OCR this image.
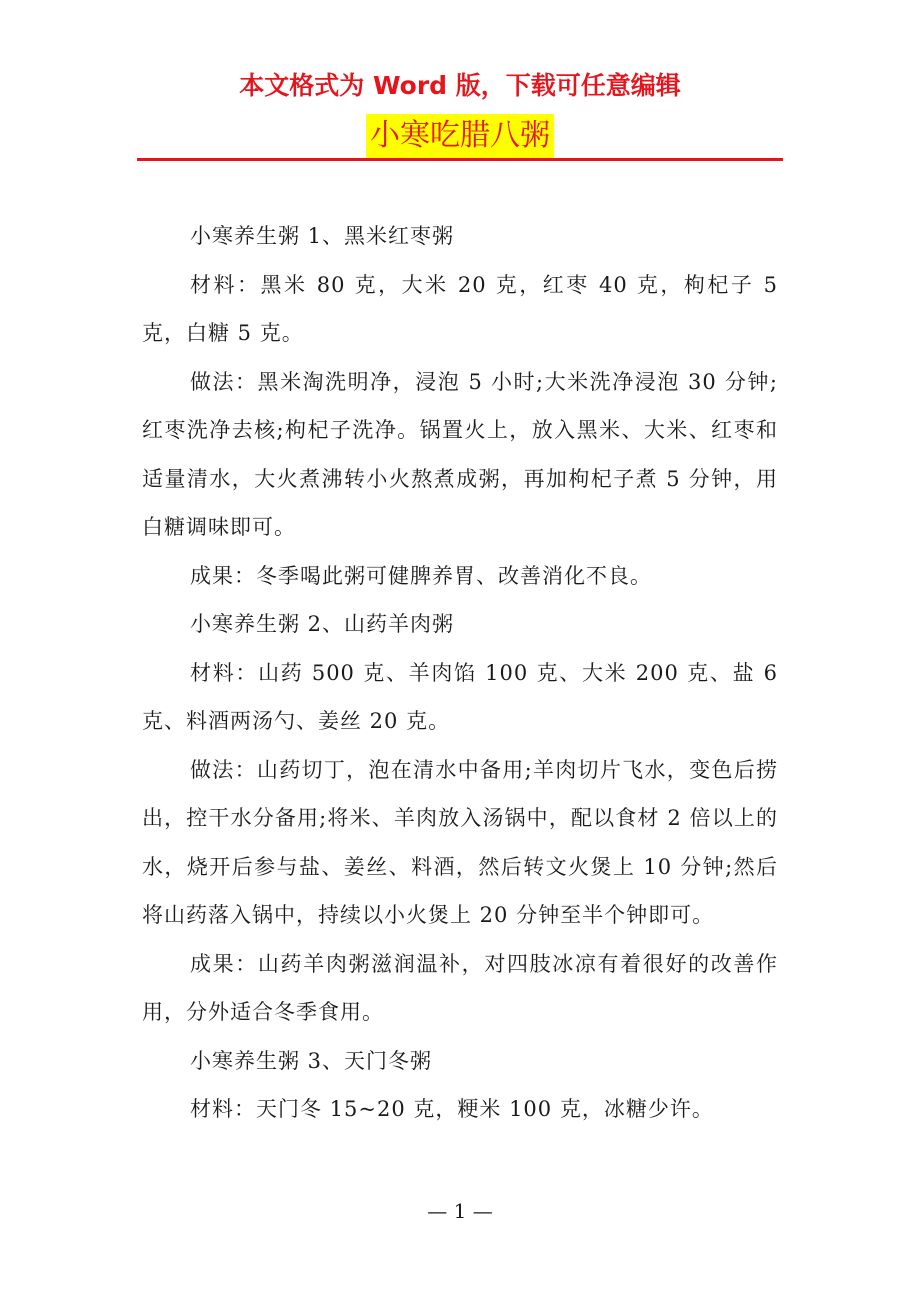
本文格式为 Word 版，下载可任意编辑
小寒吃腊八粥

小寒养生粥 1、黑米红枣粥

材料：黑米 80 克，大米 20 克，红枣 40 克，枸杞子 5 克，白糖 5 克。

做法：黑米淘洗明净，浸泡 5 小时;大米洗净浸泡 30 分钟;红枣洗净去核;枸杞子洗净。锅置火上，放入黑米、大米、红枣和适量清水，大火煮沸转小火熬煮成粥，再加枸杞子煮 5 分钟，用白糖调味即可。

成果：冬季喝此粥可健脾养胃、改善消化不良。

小寒养生粥 2、山药羊肉粥

材料：山药 500 克、羊肉馅 100 克、大米 200 克、盐 6 克、料酒两汤勺、姜丝 20 克。

做法：山药切丁，泡在清水中备用;羊肉切片飞水，变色后捞出，控干水分备用;将米、羊肉放入汤锅中，配以食材 2 倍以上的水，烧开后参与盐、姜丝、料酒，然后转文火煲上 10 分钟;然后将山药落入锅中，持续以小火煲上 20 分钟至半个钟即可。

成果：山药羊肉粥滋润温补，对四肢冰凉有着很好的改善作用，分外适合冬季食用。

小寒养生粥 3、天门冬粥

材料：天门冬 15~20 克，粳米 100 克，冰糖少许。

— 1 —
